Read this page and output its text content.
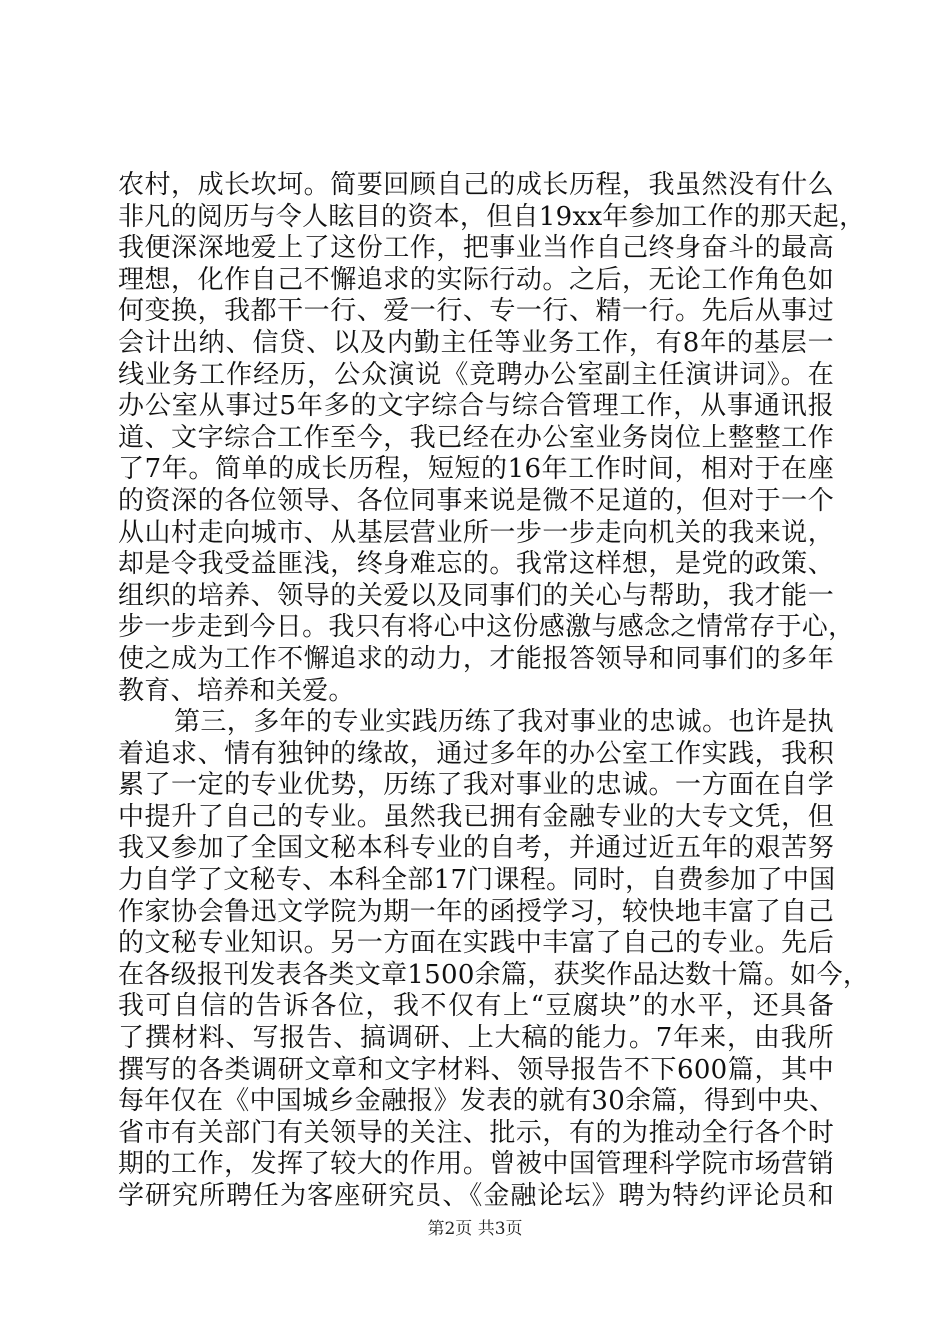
农村，成长坎坷。简要回顾自己的成长历程，我虽然没有什么
非凡的阅历与令人眩目的资本，但自19xx年参加工作的那天起，
我便深深地爱上了这份工作，把事业当作自己终身奋斗的最高
理想，化作自己不懈追求的实际行动。之后，无论工作角色如
何变换，我都干一行、爱一行、专一行、精一行。先后从事过
会计出纳、信贷、以及内勤主任等业务工作，有8年的基层一
线业务工作经历，公众演说《竞聘办公室副主任演讲词》。在
办公室从事过5年多的文字综合与综合管理工作，从事通讯报
道、文字综合工作至今，我已经在办公室业务岗位上整整工作
了7年。简单的成长历程，短短的16年工作时间，相对于在座
的资深的各位领导、各位同事来说是微不足道的，但对于一个
从山村走向城市、从基层营业所一步一步走向机关的我来说，
却是令我受益匪浅，终身难忘的。我常这样想，是党的政策、
组织的培养、领导的关爱以及同事们的关心与帮助，我才能一
步一步走到今日。我只有将心中这份感激与感念之情常存于心，
使之成为工作不懈追求的动力，才能报答领导和同事们的多年
教育、培养和关爱。
第三，多年的专业实践历练了我对事业的忠诚。也许是执
着追求、情有独钟的缘故，通过多年的办公室工作实践，我积
累了一定的专业优势，历练了我对事业的忠诚。一方面在自学
中提升了自己的专业。虽然我已拥有金融专业的大专文凭，但
我又参加了全国文秘本科专业的自考，并通过近五年的艰苦努
力自学了文秘专、本科全部17门课程。同时，自费参加了中国
作家协会鲁迅文学院为期一年的函授学习，较快地丰富了自己
的文秘专业知识。另一方面在实践中丰富了自己的专业。先后
在各级报刊发表各类文章1500余篇，获奖作品达数十篇。如今，
我可自信的告诉各位，我不仅有上“豆腐块”的水平，还具备
了撰材料、写报告、搞调研、上大稿的能力。7年来，由我所
撰写的各类调研文章和文字材料、领导报告不下600篇，其中
每年仅在《中国城乡金融报》发表的就有30余篇，得到中央、
省市有关部门有关领导的关注、批示，有的为推动全行各个时
期的工作，发挥了较大的作用。曾被中国管理科学院市场营销
学研究所聘任为客座研究员、《金融论坛》聘为特约评论员和
第2页 共3页
